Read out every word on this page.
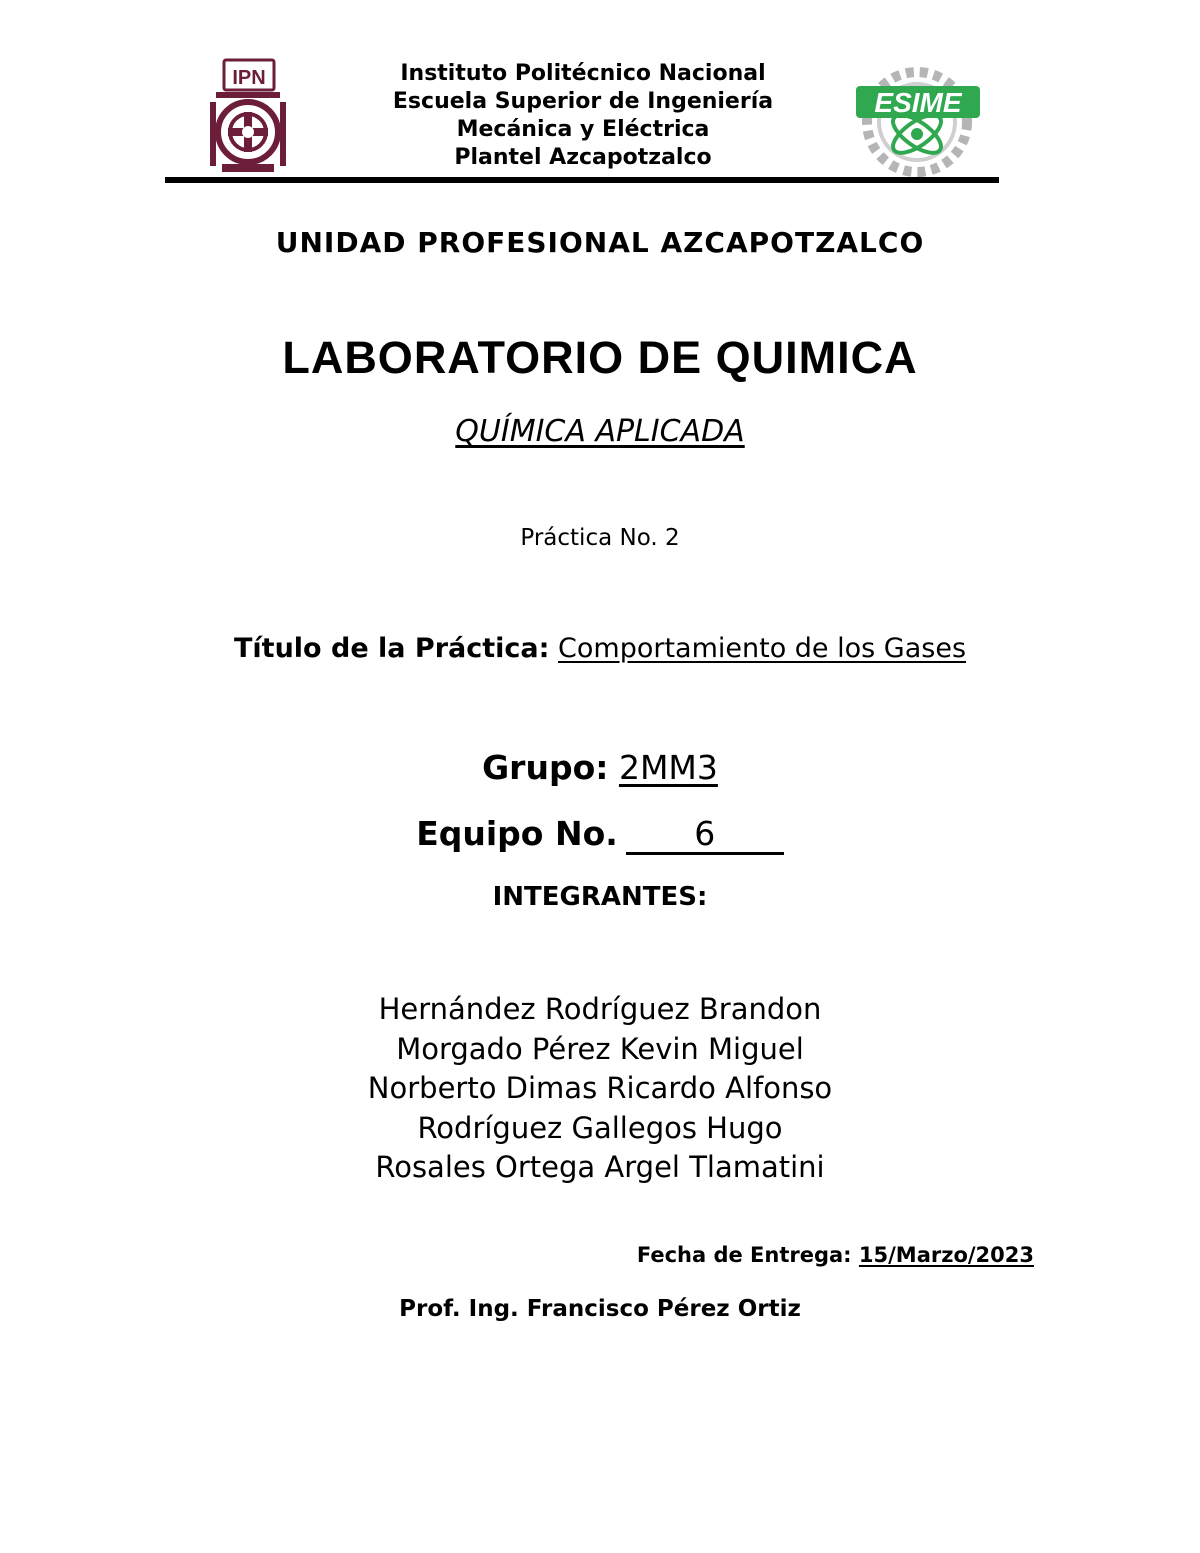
IPN	Instituto Politécnico Nacional
Escuela Superior de Ingeniería
Mecánica y Eléctrica
Plantel Azcapotzalco
ESIME
UNIDAD PROFESIONAL AZCAPOTZALCO
LABORATORIO DE QUIMICA
QUÍMICA APLICADA
Práctica No. 2
Título de la Práctica: Comportamiento de los Gases
Grupo: 2MM3
Equipo No. 6
INTEGRANTES:
Hernández Rodríguez Brandon
Morgado Pérez Kevin Miguel
Norberto Dimas Ricardo Alfonso
Rodríguez Gallegos Hugo
Rosales Ortega Argel Tlamatini
Fecha de Entrega: 15/Marzo/2023
Prof. Ing. Francisco Pérez Ortiz
